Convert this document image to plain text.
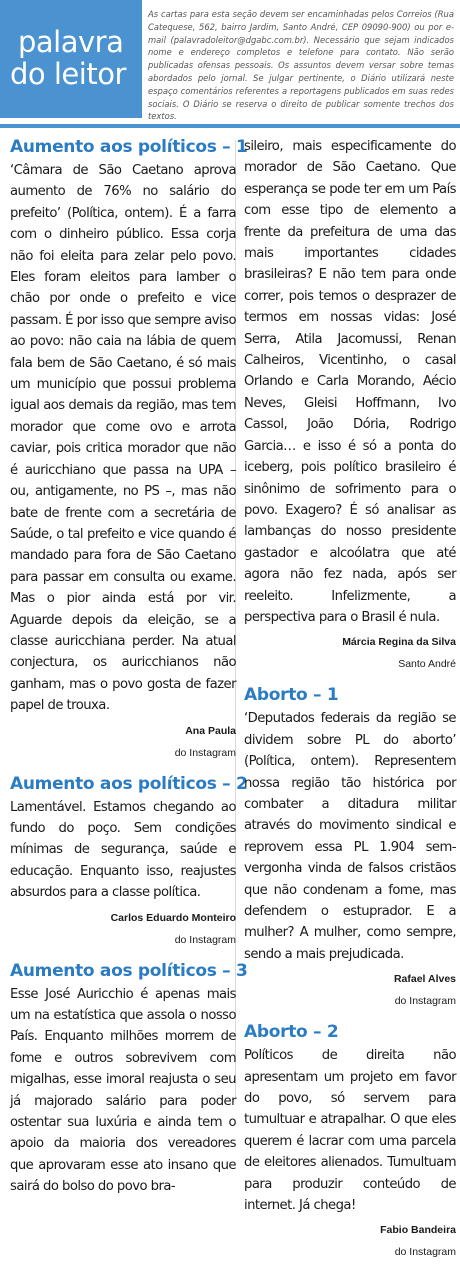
palavra
do leitor
As cartas para esta seção devem ser encaminhadas pelos Correios (Rua Catequese, 562, bairro Jardim, Santo André, CEP 09090-900) ou por e-mail (palavradoleitor@dgabc.com.br). Necessário que sejam indicados nome e endereço completos e telefone para contato. Não serão publicadas ofensas pessoais. Os assuntos devem versar sobre temas abordados pelo jornal. Se julgar pertinente, o Diário utilizará neste espaço comentários referentes a reportagens publicados em suas redes sociais. O Diário se reserva o direito de publicar somente trechos dos textos.
Aumento aos políticos – 1

‘Câmara de São Caetano aprova aumento de 76% no salário do prefeito’ (Política, ontem). É a farra com o dinheiro público. Essa corja não foi eleita para zelar pelo povo. Eles foram eleitos para lamber o chão por onde o prefeito e vice passam. É por isso que sempre aviso ao povo: não caia na lábia de quem fala bem de São Caetano, é só mais um município que possui problema igual aos demais da região, mas tem morador que come ovo e arrota caviar, pois critica morador que não é auricchiano que passa na UPA – ou, antigamente, no PS –, mas não bate de frente com a secretária de Saúde, o tal prefeito e vice quando é mandado para fora de São Caetano para passar em consulta ou exame. Mas o pior ainda está por vir. Aguarde depois da eleição, se a classe auricchiana perder. Na atual conjectura, os auricchianos não ganham, mas o povo gosta de fazer papel de trouxa.

Ana Paula
do Instagram
Aumento aos políticos – 2

Lamentável. Estamos chegando ao fundo do poço. Sem condições mínimas de segurança, saúde e educação. Enquanto isso, reajustes absurdos para a classe política.

Carlos Eduardo Monteiro
do Instagram
Aumento aos políticos – 3

Esse José Auricchio é apenas mais um na estatística que assola o nosso País. Enquanto milhões morrem de fome e outros sobrevivem com migalhas, esse imoral reajusta o seu já majorado salário para poder ostentar sua luxúria e ainda tem o apoio da maioria dos vereadores que aprovaram esse ato insano que sairá do bolso do povo bra-

sileiro, mais especificamente do morador de São Caetano. Que esperança se pode ter em um País com esse tipo de elemento a frente da prefeitura de uma das mais importantes cidades brasileiras? E não tem para onde correr, pois temos o desprazer de termos em nossas vidas: José Serra, Atila Jacomussi, Renan Calheiros, Vicentinho, o casal Orlando e Carla Morando, Aécio Neves, Gleisi Hoffmann, Ivo Cassol, João Dória, Rodrigo Garcia… e isso é só a ponta do iceberg, pois político brasileiro é sinônimo de sofrimento para o povo. Exagero? É só analisar as lambanças do nosso presidente gastador e alcoólatra que até agora não fez nada, após ser reeleito. Infelizmente, a perspectiva para o Brasil é nula.

Márcia Regina da Silva
Santo André
Aborto – 1

‘Deputados federais da região se dividem sobre PL do aborto’ (Política, ontem). Representem nossa região tão histórica por combater a ditadura militar através do movimento sindical e reprovem essa PL 1.904 sem-vergonha vinda de falsos cristãos que não condenam a fome, mas defendem o estuprador. E a mulher? A mulher, como sempre, sendo a mais prejudicada.

Rafael Alves
do Instagram
Aborto – 2

Políticos de direita não apresentam um projeto em favor do povo, só servem para tumultuar e atrapalhar. O que eles querem é lacrar com uma parcela de eleitores alienados. Tumultuam para produzir conteúdo de internet. Já chega!

Fabio Bandeira
do Instagram
